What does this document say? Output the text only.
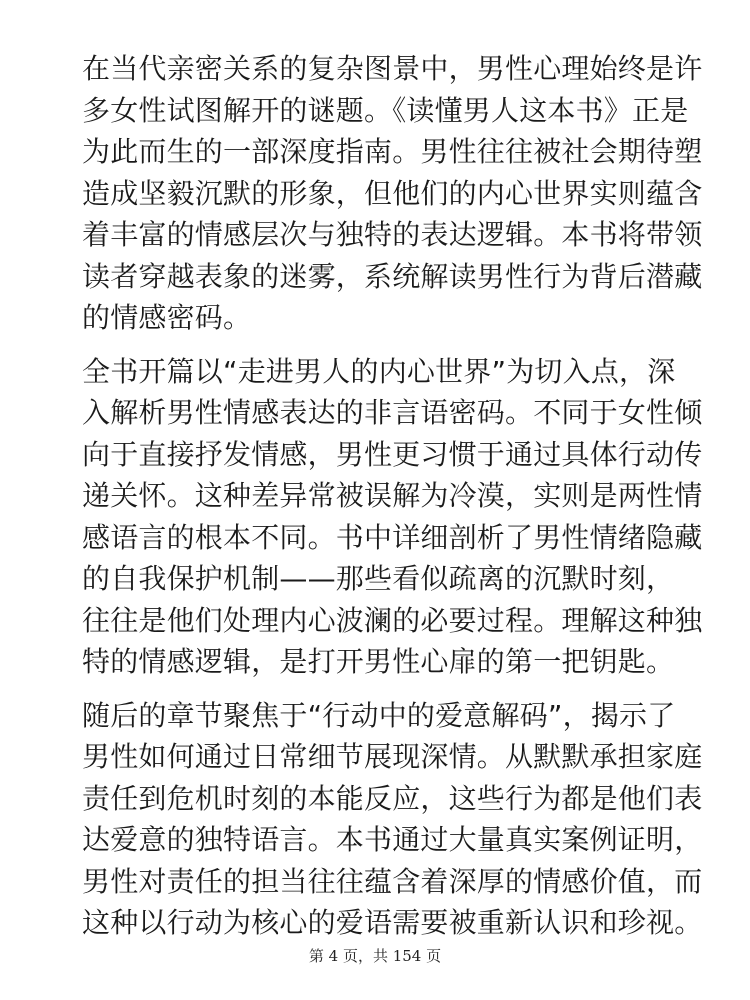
在当代亲密关系的复杂图景中，男性心理始终是许
多女性试图解开的谜题。《读懂男人这本书》正是
为此而生的一部深度指南。男性往往被社会期待塑
造成坚毅沉默的形象，但他们的内心世界实则蕴含
着丰富的情感层次与独特的表达逻辑。本书将带领
读者穿越表象的迷雾，系统解读男性行为背后潜藏
的情感密码。

全书开篇以“走进男人的内心世界”为切入点，深
入解析男性情感表达的非言语密码。不同于女性倾
向于直接抒发情感，男性更习惯于通过具体行动传
递关怀。这种差异常被误解为冷漠，实则是两性情
感语言的根本不同。书中详细剖析了男性情绪隐藏
的自我保护机制——那些看似疏离的沉默时刻，
往往是他们处理内心波澜的必要过程。理解这种独
特的情感逻辑，是打开男性心扉的第一把钥匙。

随后的章节聚焦于“行动中的爱意解码”，揭示了
男性如何通过日常细节展现深情。从默默承担家庭
责任到危机时刻的本能反应，这些行为都是他们表
达爱意的独特语言。本书通过大量真实案例证明，
男性对责任的担当往往蕴含着深厚的情感价值，而
这种以行动为核心的爱语需要被重新认识和珍视。

第 4 页，共 154 页
